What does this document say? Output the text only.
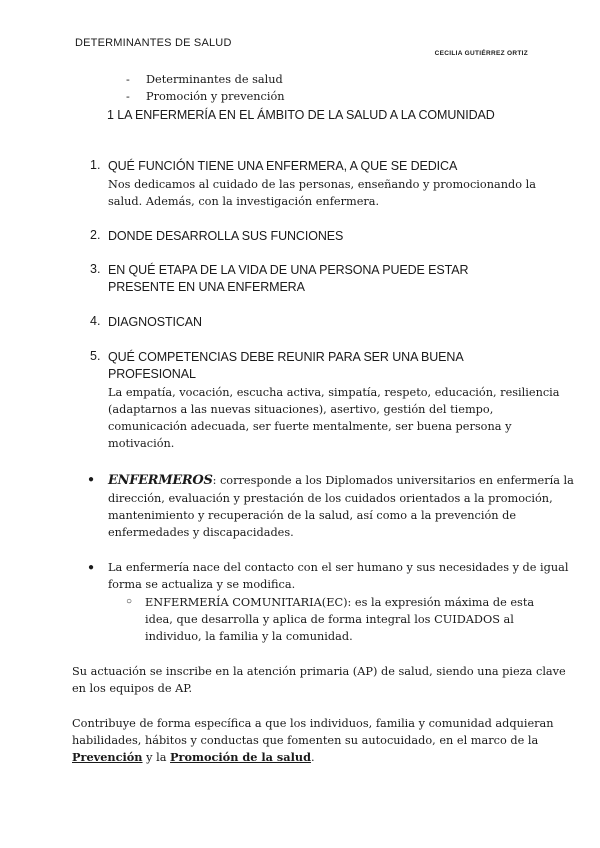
DETERMINANTES DE SALUD
CECILIA GUTIÉRREZ ORTIZ
- Determinantes de salud
- Promoción y prevención
1 LA ENFERMERÍA EN EL ÁMBITO DE LA SALUD A LA COMUNIDAD
1. QUÉ FUNCIÓN TIENE UNA ENFERMERA, A QUE SE DEDICA
Nos dedicamos al cuidado de las personas, enseñando y promocionando la
salud. Además, con la investigación enfermera.
2. DONDE DESARROLLA SUS FUNCIONES
3. EN QUÉ ETAPA DE LA VIDA DE UNA PERSONA PUEDE ESTAR
PRESENTE EN UNA ENFERMERA
4. DIAGNOSTICAN
5. QUÉ COMPETENCIAS DEBE REUNIR PARA SER UNA BUENA
PROFESIONAL
La empatía, vocación, escucha activa, simpatía, respeto, educación, resiliencia
(adaptarnos a las nuevas situaciones), asertivo, gestión del tiempo,
comunicación adecuada, ser fuerte mentalmente, ser buena persona y
motivación.
● ENFERMEROS: corresponde a los Diplomados universitarios en enfermería la
dirección, evaluación y prestación de los cuidados orientados a la promoción,
mantenimiento y recuperación de la salud, así como a la prevención de
enfermedades y discapacidades.
● La enfermería nace del contacto con el ser humano y sus necesidades y de igual
forma se actualiza y se modifica.
○ ENFERMERÍA COMUNITARIA(EC): es la expresión máxima de esta
idea, que desarrolla y aplica de forma integral los CUIDADOS al
individuo, la familia y la comunidad.
Su actuación se inscribe en la atención primaria (AP) de salud, siendo una pieza clave
en los equipos de AP.
Contribuye de forma específica a que los individuos, familia y comunidad adquieran
habilidades, hábitos y conductas que fomenten su autocuidado, en el marco de la
Prevención y la Promoción de la salud.
